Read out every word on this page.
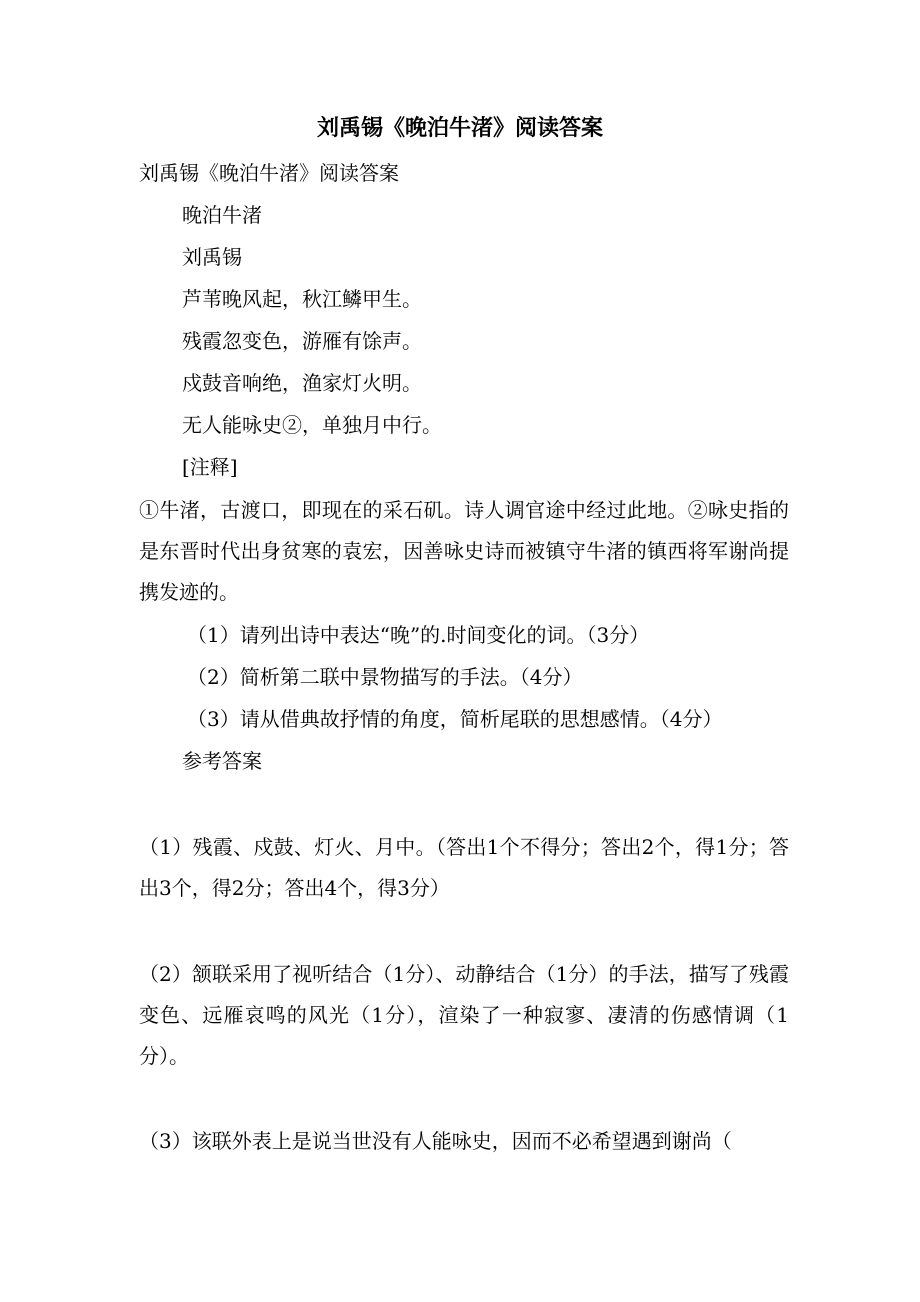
刘禹锡《晚泊牛渚》阅读答案
刘禹锡《晚泊牛渚》阅读答案
晚泊牛渚
刘禹锡
芦苇晚风起，秋江鳞甲生。
残霞忽变色，游雁有馀声。
戍鼓音响绝，渔家灯火明。
无人能咏史②，单独月中行。
[注释]
①牛渚，古渡口，即现在的采石矶。诗人调官途中经过此地。②咏史指的是东晋时代出身贫寒的袁宏，因善咏史诗而被镇守牛渚的镇西将军谢尚提携发迹的。
（1）请列出诗中表达“晚”的.时间变化的词。（3分）
（2）简析第二联中景物描写的手法。（4分）
（3）请从借典故抒情的角度，简析尾联的思想感情。（4分）
参考答案
（1）残霞、戍鼓、灯火、月中。（答出1个不得分；答出2个，得1分；答出3个，得2分；答出4个，得3分）
（2）颔联采用了视听结合（1分）、动静结合（1分）的手法，描写了残霞变色、远雁哀鸣的风光（1分），渲染了一种寂寥、凄清的伤感情调（1分）。
（3）该联外表上是说当世没有人能咏史，因而不必希望遇到谢尚（
